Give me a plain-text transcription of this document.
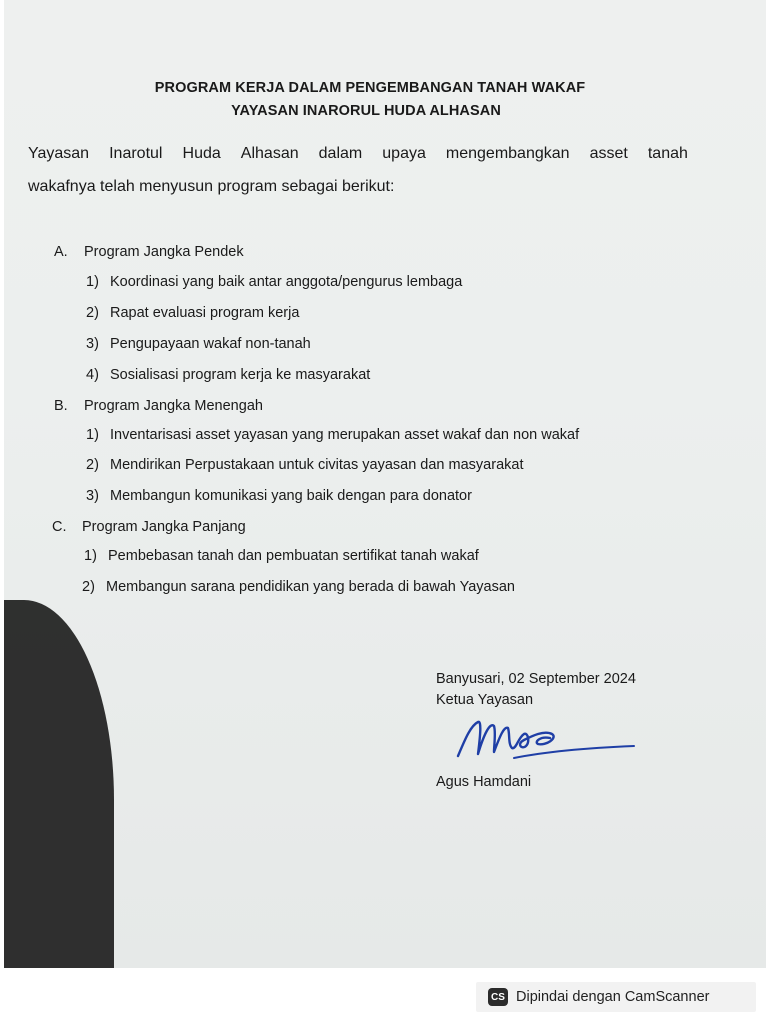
PROGRAM KERJA DALAM PENGEMBANGAN TANAH WAKAF
YAYASAN INARORUL HUDA ALHASAN
Yayasan Inarotul Huda Alhasan dalam upaya mengembangkan asset tanah
wakafnya telah menyusun program sebagai berikut:
A. Program Jangka Pendek
1) Koordinasi yang baik antar anggota/pengurus lembaga
2) Rapat evaluasi program kerja
3) Pengupayaan wakaf non-tanah
4) Sosialisasi program kerja ke masyarakat
B. Program Jangka Menengah
1) Inventarisasi asset yayasan yang merupakan asset wakaf dan non wakaf
2) Mendirikan Perpustakaan untuk civitas yayasan dan masyarakat
3) Membangun komunikasi yang baik dengan para donator
C. Program Jangka Panjang
1) Pembebasan tanah dan pembuatan sertifikat tanah wakaf
2) Membangun sarana pendidikan yang berada di bawah Yayasan
Banyusari, 02 September 2024
Ketua Yayasan
Agus Hamdani
CS Dipindai dengan CamScanner
